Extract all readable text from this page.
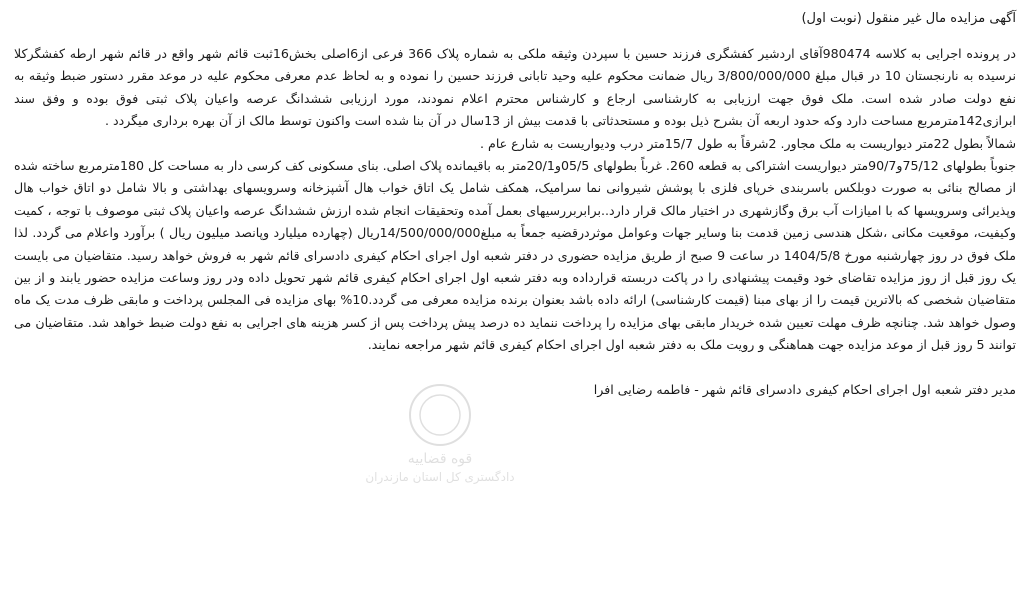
آگهی مزایده مال غیر منقول (نوبت اول)

در پرونده اجرایی به کلاسه 980474آقای اردشیر کفشگری فرزند حسین با سپردن وثیقه ملکی به شماره پلاک 366 فرعی از6اصلی بخش16ثبت قائم شهر واقع در قائم شهر ارطه کفشگرکلا نرسیده به نارنجستان 10 در قبال مبلغ 3/800/000/000 ریال ضمانت محکوم علیه وحید تابانی فرزند حسین را نموده و به لحاظ عدم معرفی محکوم علیه در موعد مقرر دستور ضبط وثیقه به نفع دولت صادر شده است. ملک فوق جهت ارزیابی به کارشناسی ارجاع و کارشناس محترم اعلام نمودند، مورد ارزیابی ششدانگ عرصه واعیان پلاک ثبتی فوق بوده و وفق سند ابرازی142مترمربع مساحت دارد وکه حدود اربعه آن بشرح ذیل بوده و مستحدثاتی با قدمت بیش از 13سال در آن بنا شده است واکنون توسط مالک از آن بهره برداری میگردد .

شمالاً بطول 22متر دیواریست به ملک مجاور. 2شرقاً به طول 15/7متر درب ودیواریست به شارع عام .

جنوباً بطولهای 75/12و90/7متر دیواریست اشتراکی به قطعه 260. غرباً بطولهای 05/5و20/1متر به باقیمانده پلاک اصلی. بنای مسکونی کف کرسی دار به مساحت کل 180مترمربع ساخته شده از مصالح بنائی به صورت دوبلکس باسربندی خرپای فلزی با پوشش شیروانی نما سرامیک، همکف شامل یک اتاق خواب هال آشپزخانه وسرویسهای بهداشتی و بالا شامل دو اتاق خواب هال وپذیرائی وسرویسها که با امیازات آب برق وگازشهری در اختیار مالک قرار دارد..برابربررسیهای بعمل آمده وتحقیقات انجام شده ارزش ششدانگ عرصه واعیان پلاک ثبتی موصوف با توجه ، کمیت وکیفیت، موقعیت مکانی ،شکل هندسی زمین قدمت بنا وسایر جهات وعوامل موثردرقضیه جمعاً به مبلغ14/500/000/000ریال (چهارده میلیارد وپانصد میلیون ریال ) برآورد واعلام می گردد. لذا ملک فوق در روز چهارشنبه مورخ 1404/5/8 در ساعت 9 صبح از طریق مزایده حضوری در دفتر شعبه اول اجرای احکام کیفری دادسرای قائم شهر به فروش خواهد رسید. متقاضیان می بایست یک روز قبل از روز مزایده تقاضای خود وقیمت پیشنهادی را در پاکت دربسته قرارداده وبه دفتر شعبه اول اجرای احکام کیفری قائم شهر تحویل داده ودر روز وساعت مزایده حضور یابند و از بین متقاضیان شخصی که بالاترین قیمت را از بهای مبنا (قیمت کارشناسی) ارائه داده باشد بعنوان برنده مزایده معرفی می گردد.10% بهای مزایده فی المجلس پرداخت و مابقی ظرف مدت یک ماه وصول خواهد شد. چنانچه ظرف مهلت تعیین شده خریدار مابقی بهای مزایده را پرداخت ننماید ده درصد پیش پرداخت پس از کسر هزینه های اجرایی به نفع دولت ضبط خواهد شد. متقاضیان می توانند 5 روز قبل از موعد مزایده جهت هماهنگی و رویت ملک به دفتر شعبه اول اجرای احکام کیفری قائم شهر مراجعه نمایند.

مدیر دفتر شعبه اول اجرای احکام کیفری دادسرای قائم شهر - فاطمه رضایی افرا

قوه قضاییه
دادگستری کل استان مازندران
